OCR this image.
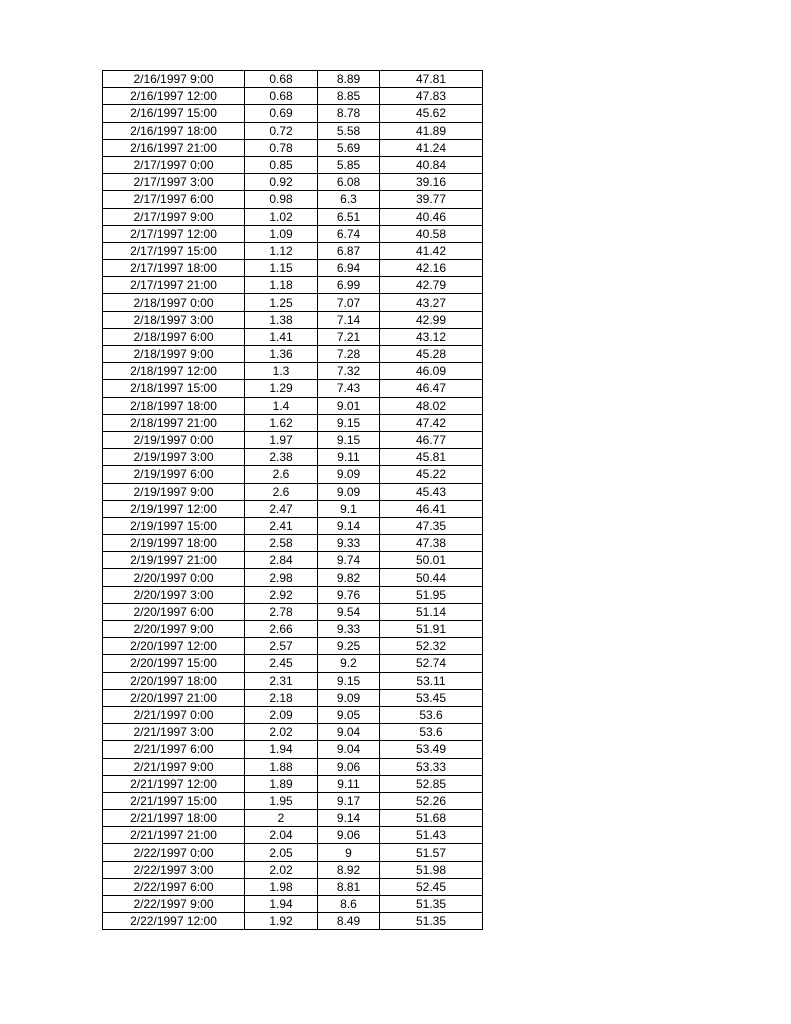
2/16/1997 9:00	0.68	8.89	47.81
2/16/1997 12:00	0.68	8.85	47.83
2/16/1997 15:00	0.69	8.78	45.62
2/16/1997 18:00	0.72	5.58	41.89
2/16/1997 21:00	0.78	5.69	41.24
2/17/1997 0:00	0.85	5.85	40.84
2/17/1997 3:00	0.92	6.08	39.16
2/17/1997 6:00	0.98	6.3	39.77
2/17/1997 9:00	1.02	6.51	40.46
2/17/1997 12:00	1.09	6.74	40.58
2/17/1997 15:00	1.12	6.87	41.42
2/17/1997 18:00	1.15	6.94	42.16
2/17/1997 21:00	1.18	6.99	42.79
2/18/1997 0:00	1.25	7.07	43.27
2/18/1997 3:00	1.38	7.14	42.99
2/18/1997 6:00	1.41	7.21	43.12
2/18/1997 9:00	1.36	7.28	45.28
2/18/1997 12:00	1.3	7.32	46.09
2/18/1997 15:00	1.29	7.43	46.47
2/18/1997 18:00	1.4	9.01	48.02
2/18/1997 21:00	1.62	9.15	47.42
2/19/1997 0:00	1.97	9.15	46.77
2/19/1997 3:00	2.38	9.11	45.81
2/19/1997 6:00	2.6	9.09	45.22
2/19/1997 9:00	2.6	9.09	45.43
2/19/1997 12:00	2.47	9.1	46.41
2/19/1997 15:00	2.41	9.14	47.35
2/19/1997 18:00	2.58	9.33	47.38
2/19/1997 21:00	2.84	9.74	50.01
2/20/1997 0:00	2.98	9.82	50.44
2/20/1997 3:00	2.92	9.76	51.95
2/20/1997 6:00	2.78	9.54	51.14
2/20/1997 9:00	2.66	9.33	51.91
2/20/1997 12:00	2.57	9.25	52.32
2/20/1997 15:00	2.45	9.2	52.74
2/20/1997 18:00	2.31	9.15	53.11
2/20/1997 21:00	2.18	9.09	53.45
2/21/1997 0:00	2.09	9.05	53.6
2/21/1997 3:00	2.02	9.04	53.6
2/21/1997 6:00	1.94	9.04	53.49
2/21/1997 9:00	1.88	9.06	53.33
2/21/1997 12:00	1.89	9.11	52.85
2/21/1997 15:00	1.95	9.17	52.26
2/21/1997 18:00	2	9.14	51.68
2/21/1997 21:00	2.04	9.06	51.43
2/22/1997 0:00	2.05	9	51.57
2/22/1997 3:00	2.02	8.92	51.98
2/22/1997 6:00	1.98	8.81	52.45
2/22/1997 9:00	1.94	8.6	51.35
2/22/1997 12:00	1.92	8.49	51.35
